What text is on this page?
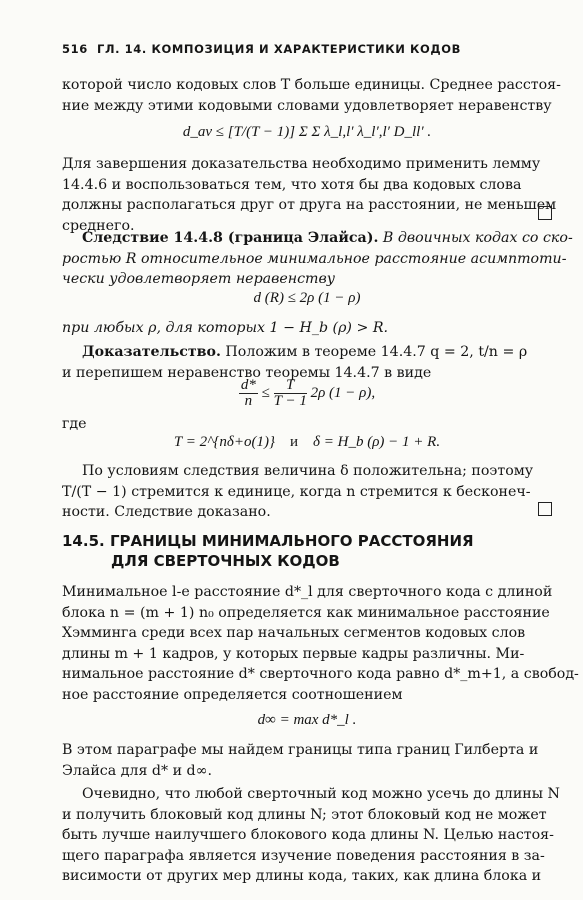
516 ГЛ. 14. КОМПОЗИЦИЯ И ХАРАКТЕРИСТИКИ КОДОВ
которой число кодовых слов T больше единицы. Среднее расстоя-
ние между этими кодовыми словами удовлетворяет неравенству
d_av ≤ [T/(T − 1)] Σ Σ λ_l,l′ λ_l′,l′ D_ll′ .
Для завершения доказательства необходимо применить лемму
14.4.6 и воспользоваться тем, что хотя бы два кодовых слова
должны располагаться друг от друга на расстоянии, не меньшем
среднего.
Следствие 14.4.8 (граница Элайса). В двоичных кодах со ско-
ростью R относительное минимальное расстояние асимптоти-
чески удовлетворяет неравенству
d (R) ≤ 2ρ (1 − ρ)
при любых ρ, для которых 1 − H_b (ρ) > R.
Доказательство. Положим в теореме 14.4.7 q = 2, t/n = ρ
и перепишем неравенство теоремы 14.4.7 в виде
$\frac{d*}{n} \le \frac{T}{T - 1} 2\rho$ (1 − ρ),
где
T = 2^{nδ+o(1)} и δ = H_b (ρ) − 1 + R.
По условиям следствия величина δ положительна; поэтому
T/(T − 1) стремится к единице, когда n стремится к бесконеч-
ности. Следствие доказано.
14.5. ГРАНИЦЫ МИНИМАЛЬНОГО РАССТОЯНИЯ
ДЛЯ СВЕРТОЧНЫХ КОДОВ
Минимальное l-е расстояние d*_l для сверточного кода с длиной
блока n = (m + 1) n₀ определяется как минимальное расстояние
Хэмминга среди всех пар начальных сегментов кодовых слов
длины m + 1 кадров, у которых первые кадры различны. Ми-
нимальное расстояние d* сверточного кода равно d*_m+1, а свобод-
ное расстояние определяется соотношением
d∞ = max d*_l .
В этом параграфе мы найдем границы типа границ Гилберта и
Элайса для d* и d∞.
Очевидно, что любой сверточный код можно усечь до длины N
и получить блоковый код длины N; этот блоковый код не может
быть лучше наилучшего блокового кода длины N. Целью настоя-
щего параграфа является изучение поведения расстояния в за-
висимости от других мер длины кода, таких, как длина блока и
